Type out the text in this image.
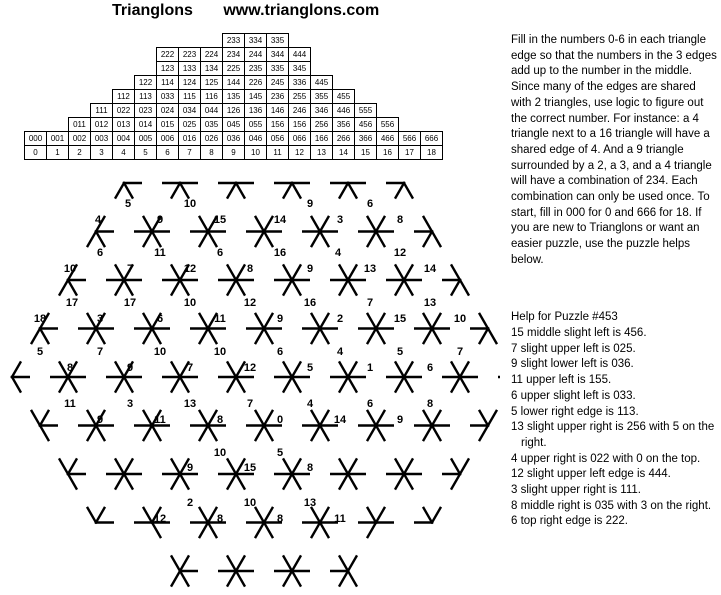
Trianglons www.trianglons.com
									233	334	335							
						222	223	224	234	244	344	444						
						123	133	134	225	235	335	345						
					122	114	124	125	144	226	245	336	445					
				112	113	033	115	116	135	145	236	255	355	455				
			111	022	023	024	034	044	126	136	146	246	346	446	555			
		011	012	013	014	015	025	035	045	055	156	156	256	356	456	556		
000	001	002	003	004	005	006	016	026	036	046	056	066	166	266	366	466	566	666
0	1	2	3	4	5	6	7	8	9	10	11	12	13	14	15	16	17	18
5	10	9	6
4	9	15	14	3	8
6	11	6	16	4	12
10	7	12	8	9	13	14
17	17	10	12	16	7	13
18	3	6	11	9	2	15	10
5	7	10	10	6	4	5	7
8	9	7	12	5	1	6
11	3	13	7	4	6	8
9	11	8	0	14	9
10	5
9	15	8
2	10	13
12	8	8	11
Fill in the numbers 0-6 in each triangle edge so that the numbers in the 3 edges add up to the number in the middle. Since many of the edges are shared with 2 triangles, use logic to figure out the correct number. For instance: a 4 triangle next to a 16 triangle will have a shared edge of 4. And a 9 triangle surrounded by a 2, a 3, and a 4 triangle will have a combination of 234. Each combination can only be used once. To start, fill in 000 for 0 and 666 for 18. If you are new to Trianglons or want an easier puzzle, use the puzzle helps below.
Help for Puzzle #453
15 middle slight left is 456.
7 slight upper left is 025.
9 slight lower left is 036.
11 upper left is 155.
6 upper slight left is 033.
5 lower right edge is 113.
13 slight upper right is 256 with 5 on the right.
4 upper right is 022 with 0 on the top.
12 slight upper left edge is 444.
3 slight upper right is 111.
8 middle right is 035 with 3 on the right.
6 top right edge is 222.
